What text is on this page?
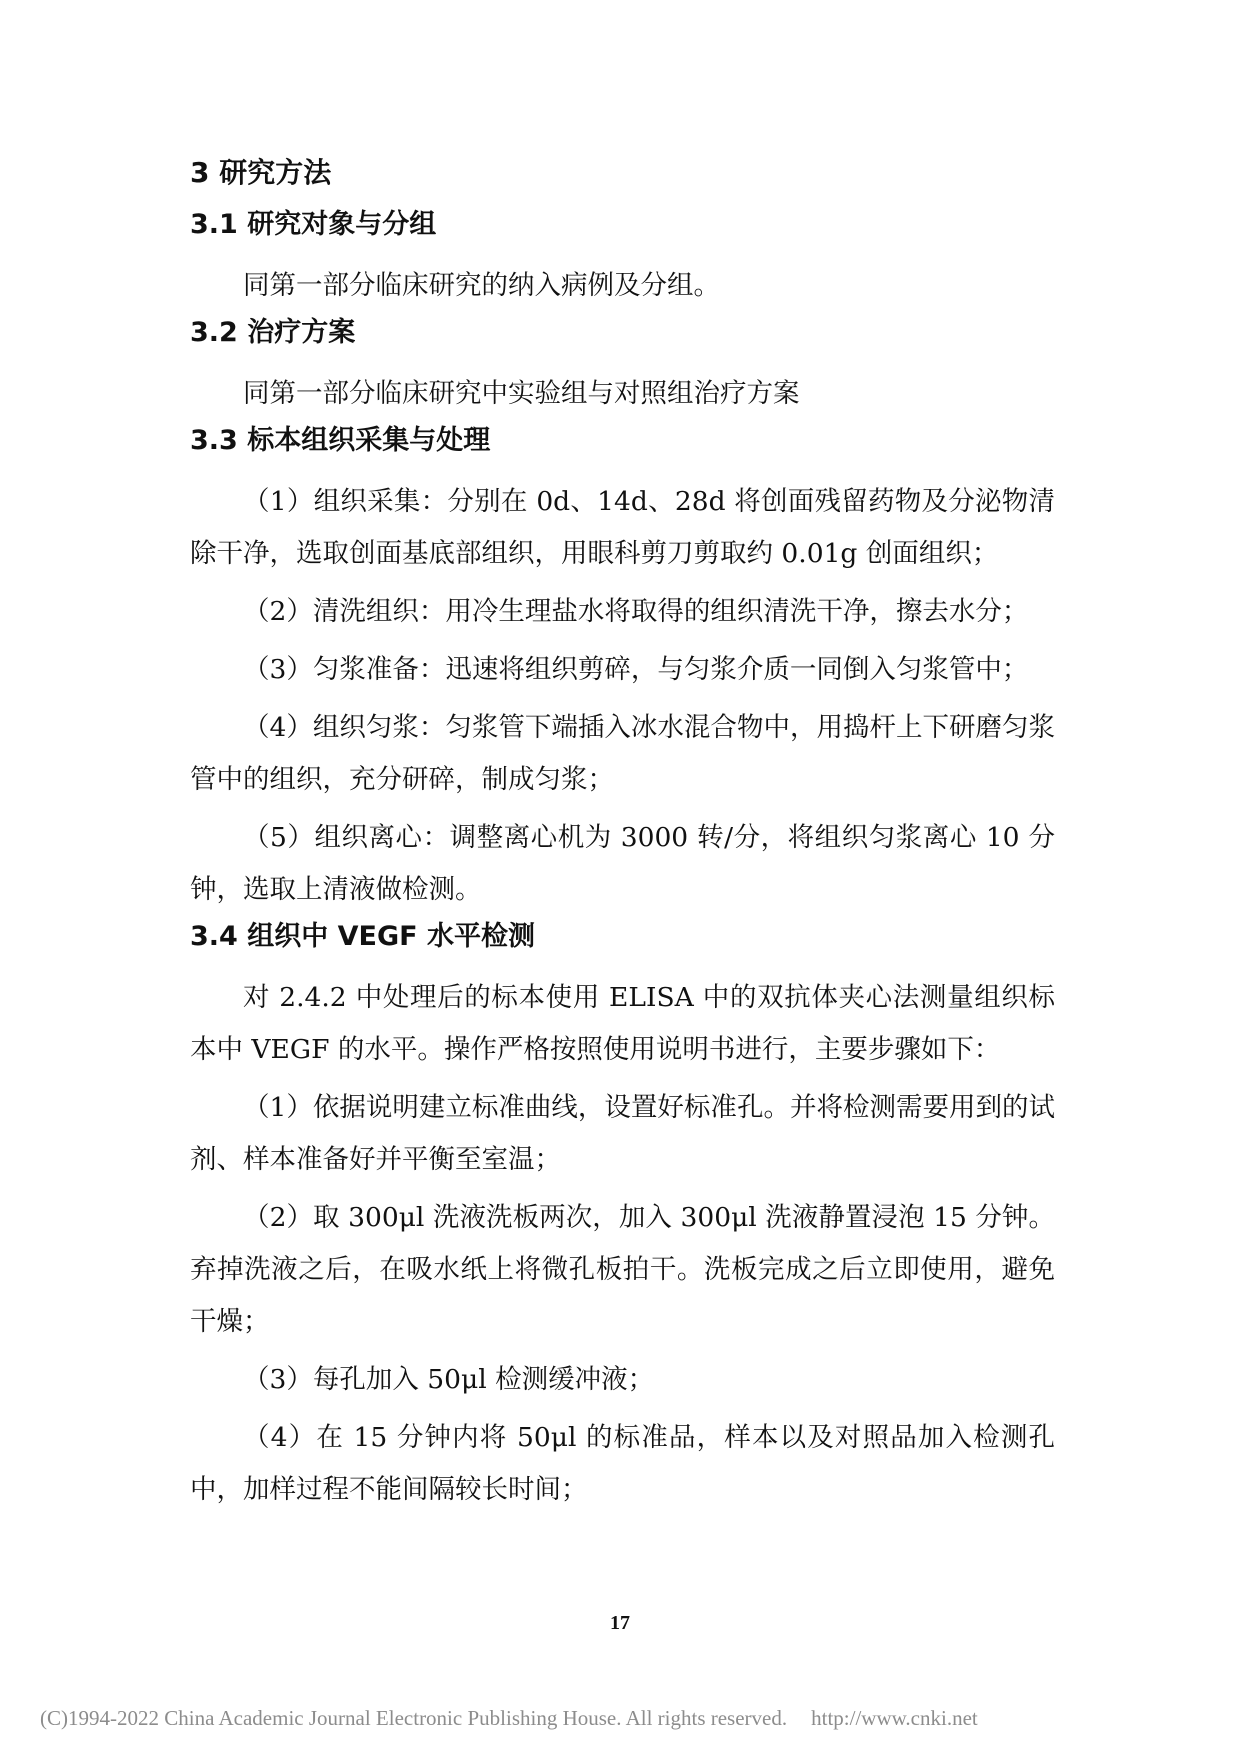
3 研究方法
3.1 研究对象与分组

同第一部分临床研究的纳入病例及分组。

3.2 治疗方案

同第一部分临床研究中实验组与对照组治疗方案

3.3 标本组织采集与处理

（1）组织采集：分别在 0d、14d、28d 将创面残留药物及分泌物清除干净，选取创面基底部组织，用眼科剪刀剪取约 0.01g 创面组织；

（2）清洗组织：用冷生理盐水将取得的组织清洗干净，擦去水分；

（3）匀浆准备：迅速将组织剪碎，与匀浆介质一同倒入匀浆管中；

（4）组织匀浆：匀浆管下端插入冰水混合物中，用捣杆上下研磨匀浆管中的组织，充分研碎，制成匀浆；

（5）组织离心：调整离心机为 3000 转/分，将组织匀浆离心 10 分钟，选取上清液做检测。

3.4 组织中 VEGF 水平检测

对 2.4.2 中处理后的标本使用 ELISA 中的双抗体夹心法测量组织标本中 VEGF 的水平。操作严格按照使用说明书进行，主要步骤如下：

（1）依据说明建立标准曲线，设置好标准孔。并将检测需要用到的试剂、样本准备好并平衡至室温；

（2）取 300μl 洗液洗板两次，加入 300μl 洗液静置浸泡 15 分钟。弃掉洗液之后，在吸水纸上将微孔板拍干。洗板完成之后立即使用，避免干燥；

（3）每孔加入 50μl 检测缓冲液；

（4）在 15 分钟内将 50μl 的标准品，样本以及对照品加入检测孔中，加样过程不能间隔较长时间；

17
(C)1994-2022 China Academic Journal Electronic Publishing House. All rights reserved. http://www.cnki.net
